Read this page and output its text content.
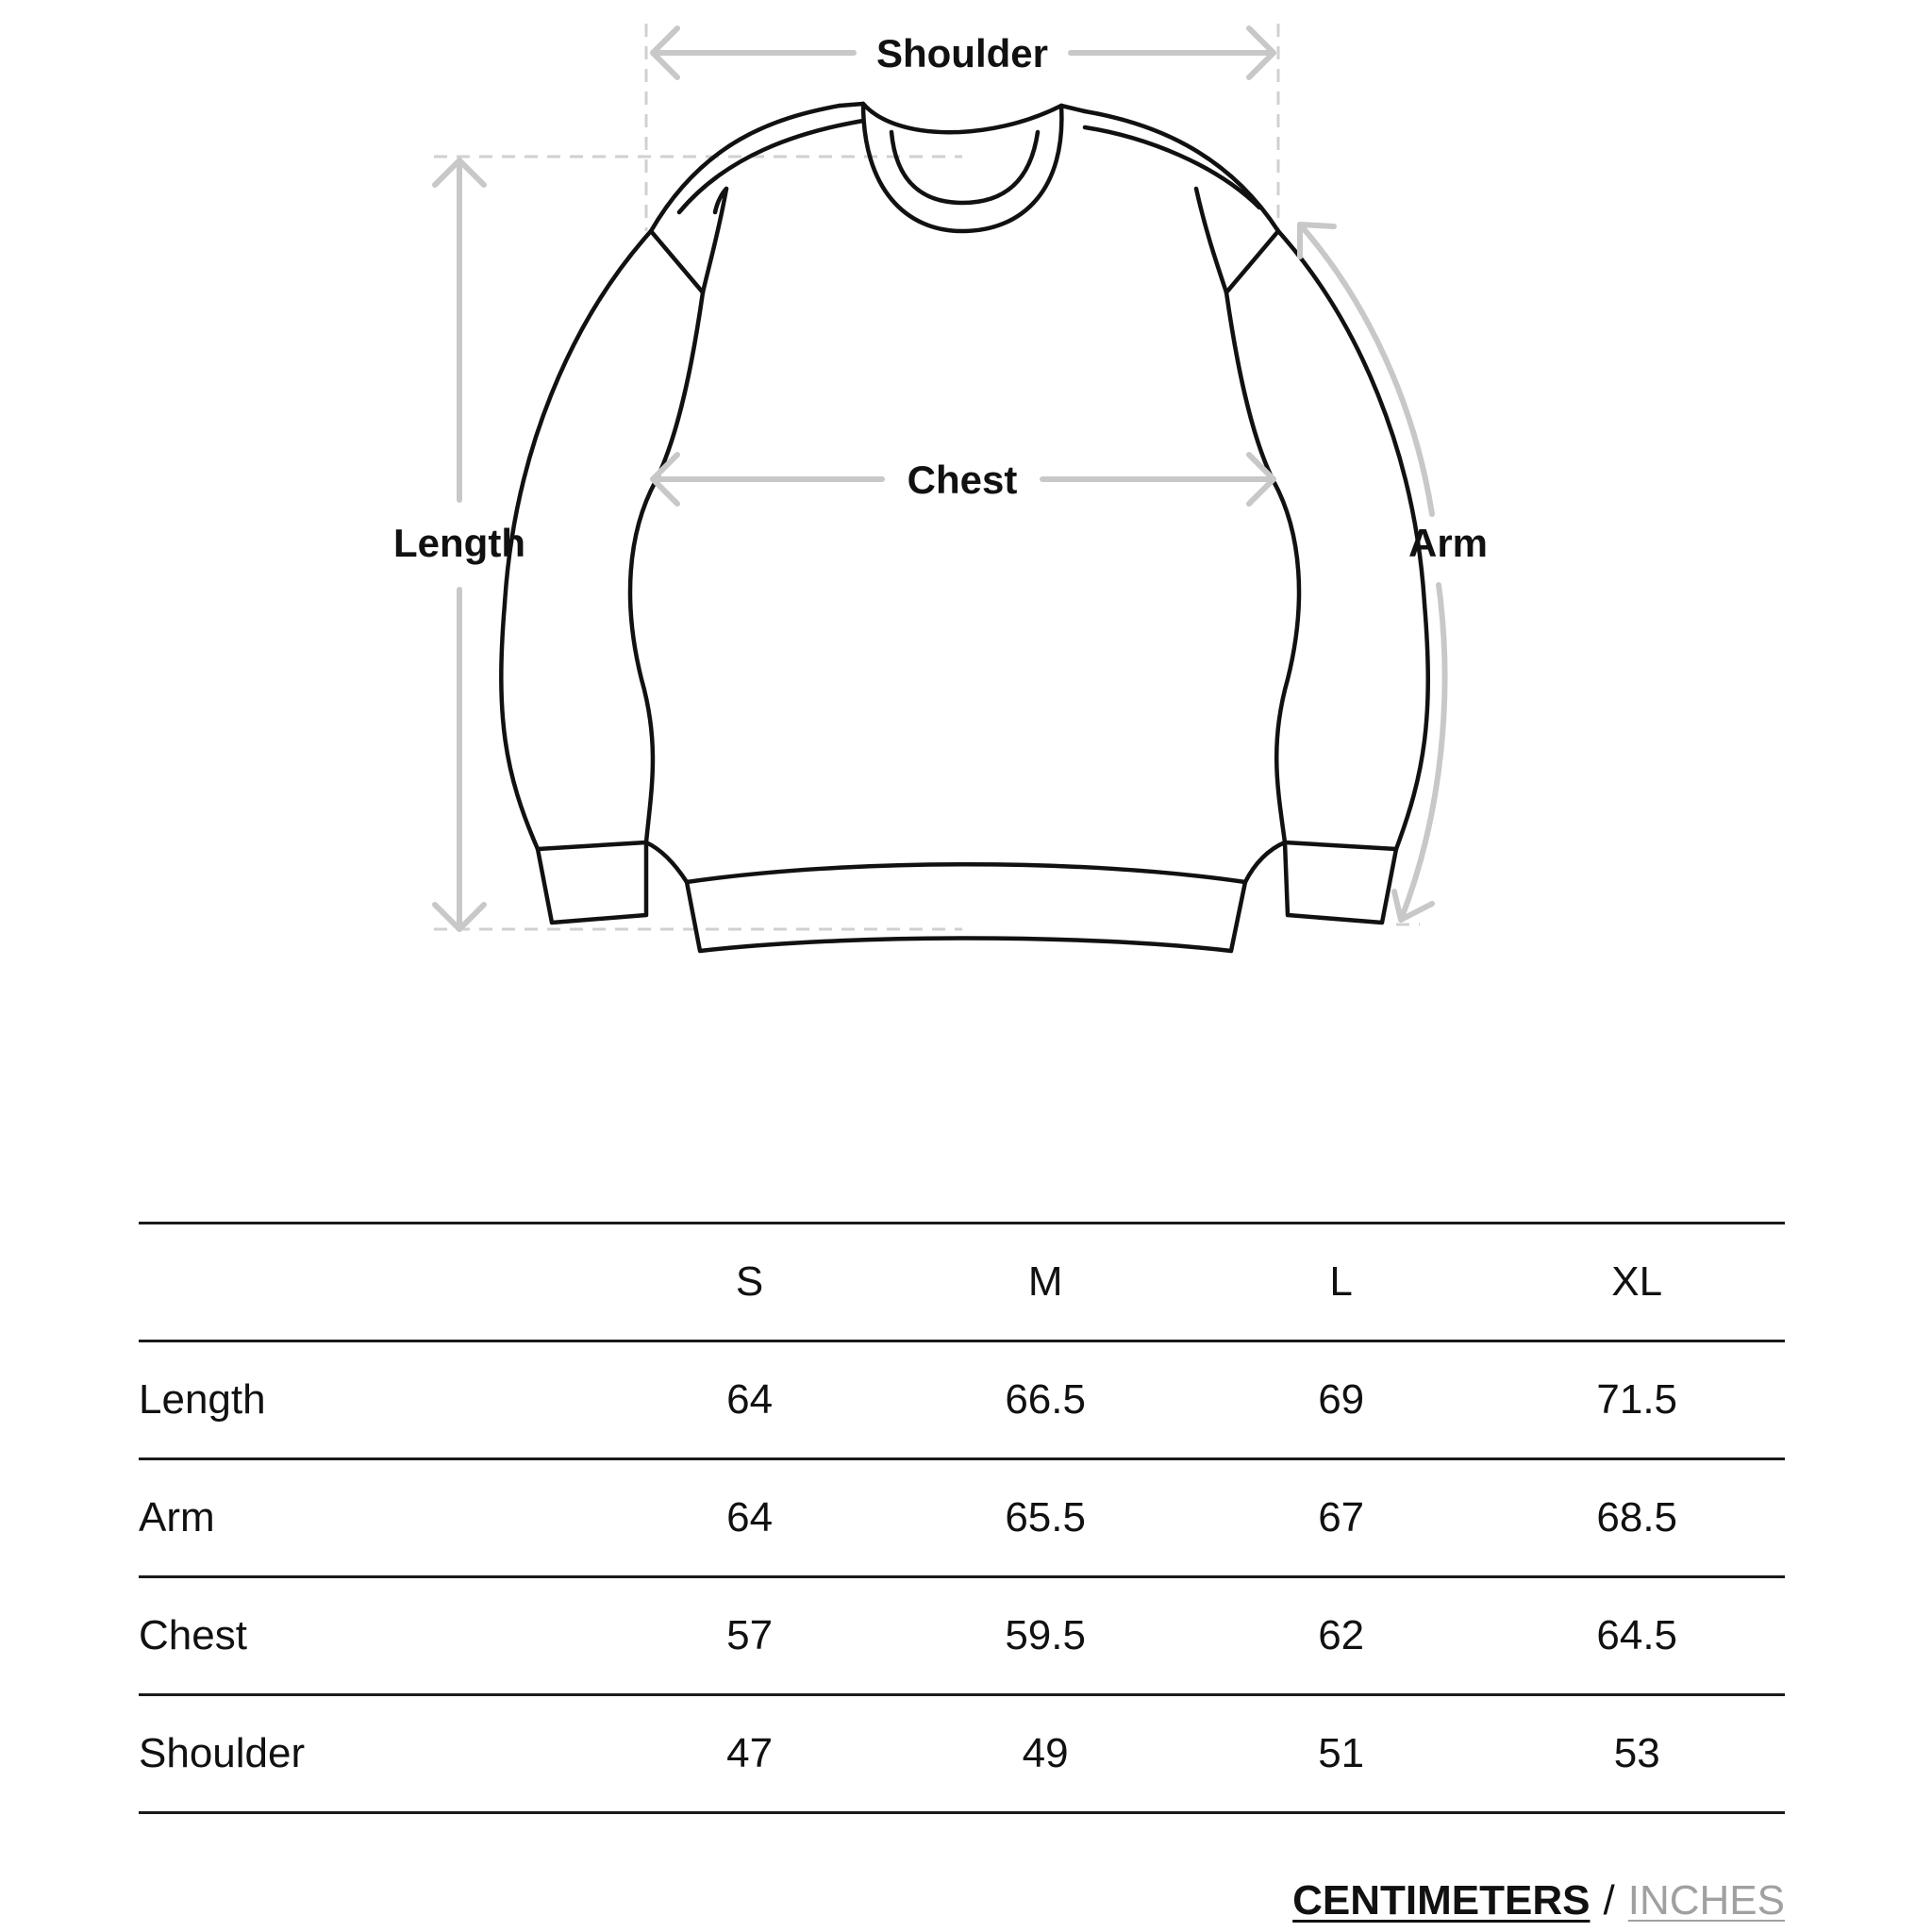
Shoulder
Chest
Length	Arm
	S	M	L	XL
Length	64	66.5	69	71.5
Arm	64	65.5	67	68.5
Chest	57	59.5	62	64.5
Shoulder	47	49	51	53
CENTIMETERS / INCHES
